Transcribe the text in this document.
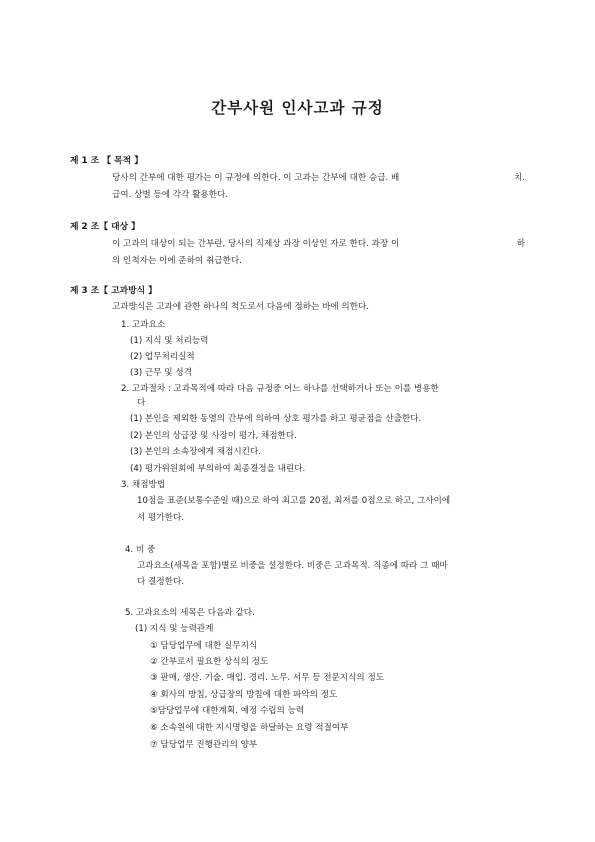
간부사원 인사고과 규정
제 1 조 【 목적 】
당사의 간부에 대한 평가는 이 규정에 의한다. 이 고과는 간부에 대한 승급. 배	치.
급여. 상벌 등에 각각 활용한다.
제 2 조【 대상 】
이 고과의 대상이 되는 간부란, 당사의 직제상 과장 이상인 자로 한다. 과장 이	하
의 인척자는 이에 준하여 취급한다.
제 3 조【 고과방식 】
고과방식은 고과에 관한 하나의 척도로서 다음에 정하는 바에 의한다.
1. 고과요소
(1) 지식 및 처리능력
(2) 업무처리실적
(3) 근무 및 성격
2. 고과절차 : 고과목적에 따라 다음 규정중 어느 하나를 선택하거나 또는 이를 병용한
다
(1) 본인을 제외한 동열의 간부에 의하여 상호 평가를 하고 평균점을 산출한다.
(2) 본인의 상급장 및 사장이 평가, 채점한다.
(3) 본인의 소속장에게 채점시킨다.
(4) 평가위원회에 부의하여 최종결정을 내린다.
3. 채점방법
10점을 표준(보통수준일 때)으로 하여 최고를 20점, 최저를 0점으로 하고, 그사이에
서 평가한다.
4. 비 중
고과요소(세목을 포함)별로 비중을 설정한다. 비중은 고과목적. 직종에 따라 그 때마
다 결정한다.
5. 고과요소의 세목은 다음과 같다.
(1) 지식 및 능력관계
① 담당업무에 대한 실무지식
② 간부로서 필요한 상식의 정도
③ 판매, 생산. 기술. 매입. 경리. 노무. 서무 등 전문지식의 정도
④ 회사의 방침, 상급장의 방침에 대한 파악의 정도
⑤담당업무에 대한계획. 예정 수립의 능력
⑥ 소속원에 대한 지시명령을 하달하는 요령 적절여부
⑦ 담당업무 진행관리의 양부
